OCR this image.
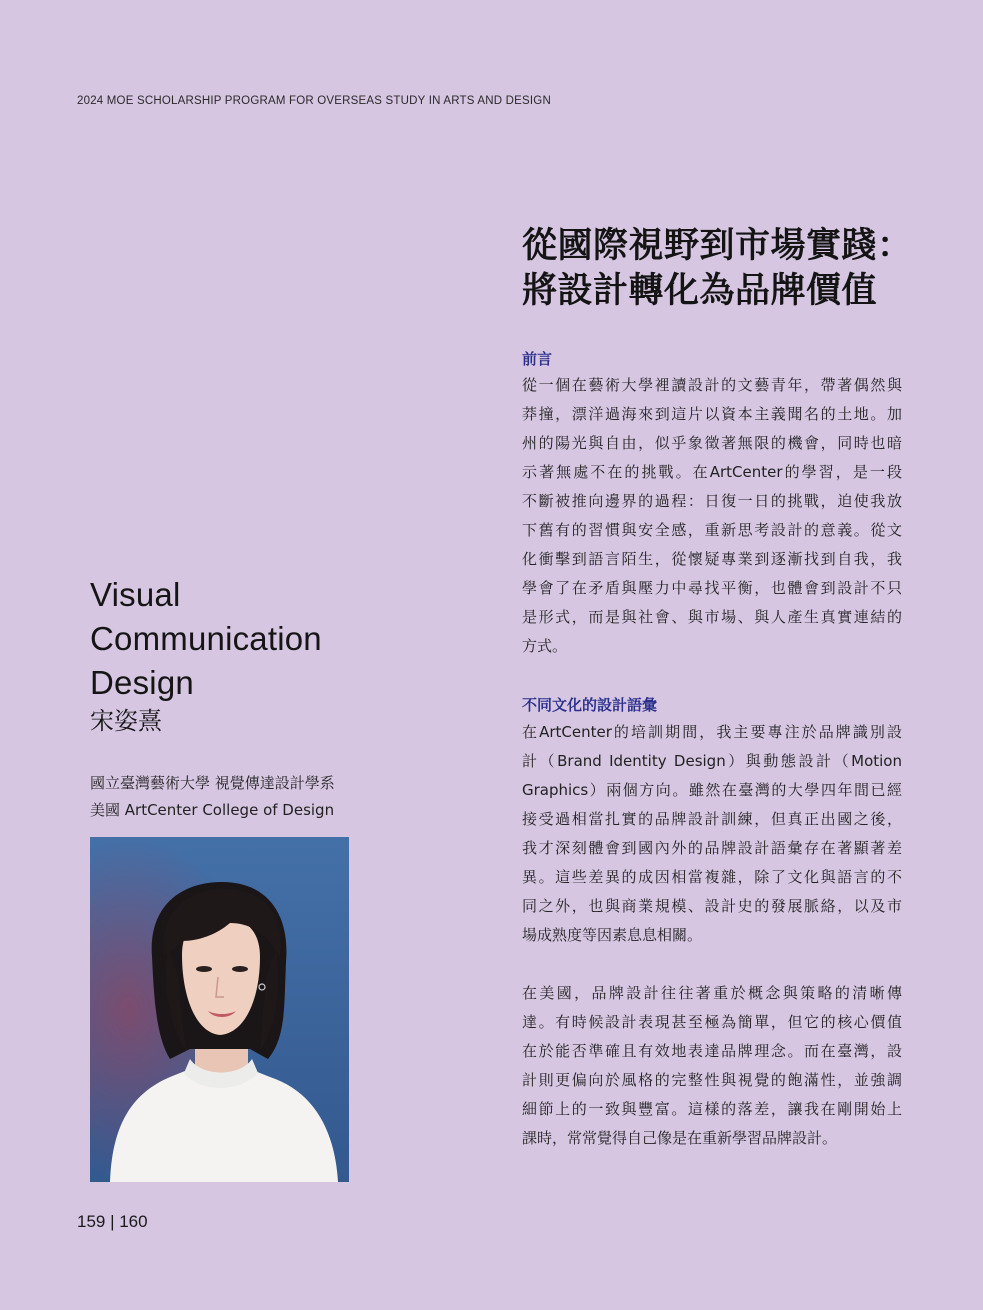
2024 MOE SCHOLARSHIP PROGRAM FOR OVERSEAS STUDY IN ARTS AND DESIGN
從國際視野到市場實踐：
將設計轉化為品牌價值
前言
從一個在藝術大學裡讀設計的文藝青年，帶著偶然與
莽撞，漂洋過海來到這片以資本主義聞名的土地。加
州的陽光與自由，似乎象徵著無限的機會，同時也暗
示著無處不在的挑戰。在ArtCenter的學習，是一段
不斷被推向邊界的過程：日復一日的挑戰，迫使我放
下舊有的習慣與安全感，重新思考設計的意義。從文
化衝擊到語言陌生，從懷疑專業到逐漸找到自我，我
學會了在矛盾與壓力中尋找平衡，也體會到設計不只
是形式，而是與社會、與市場、與人產生真實連結的
方式。
不同文化的設計語彙
在ArtCenter的培訓期間，我主要專注於品牌識別設
計（Brand Identity Design）與動態設計（Motion
Graphics）兩個方向。雖然在臺灣的大學四年間已經
接受過相當扎實的品牌設計訓練，但真正出國之後，
我才深刻體會到國內外的品牌設計語彙存在著顯著差
異。這些差異的成因相當複雜，除了文化與語言的不
同之外，也與商業規模、設計史的發展脈絡，以及市
場成熟度等因素息息相關。
在美國，品牌設計往往著重於概念與策略的清晰傳
達。有時候設計表現甚至極為簡單，但它的核心價值
在於能否準確且有效地表達品牌理念。而在臺灣，設
計則更偏向於風格的完整性與視覺的飽滿性，並強調
細節上的一致與豐富。這樣的落差，讓我在剛開始上
課時，常常覺得自己像是在重新學習品牌設計。
Visual
Communication
Design
宋姿熹
國立臺灣藝術大學 視覺傳達設計學系
美國 ArtCenter College of Design
159 | 160
